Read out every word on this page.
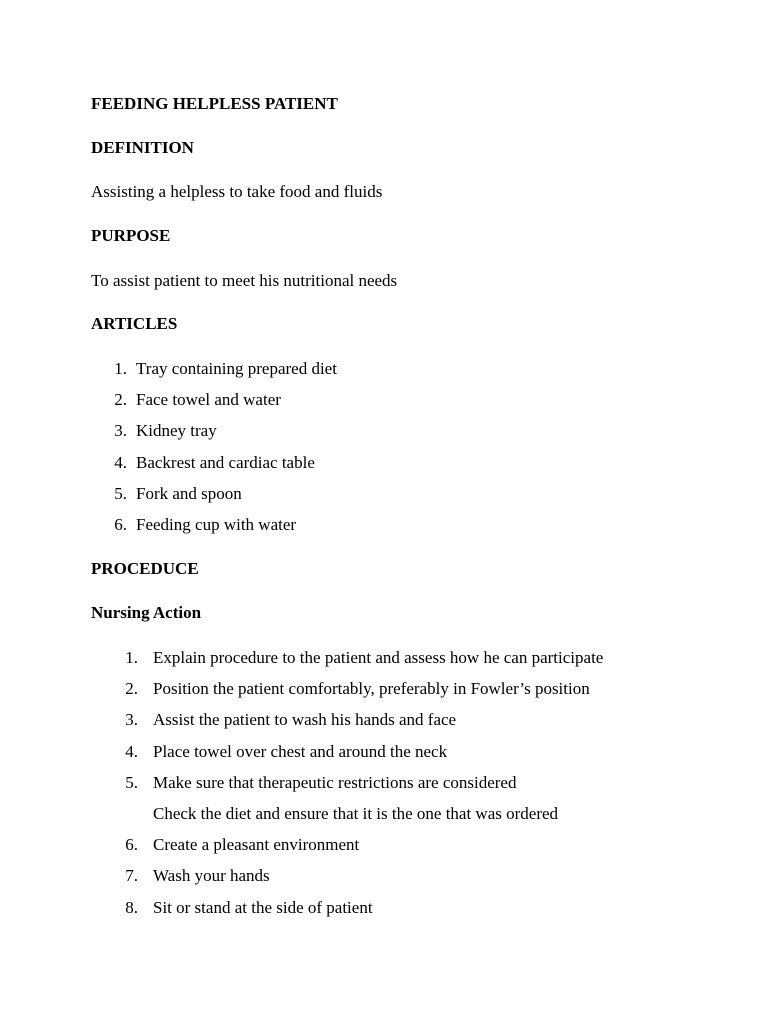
FEEDING HELPLESS PATIENT
DEFINITION
Assisting a helpless to take food and fluids
PURPOSE
To assist patient to meet his nutritional needs
ARTICLES
1. Tray containing prepared diet
2. Face towel and water
3. Kidney tray
4. Backrest and cardiac table
5. Fork and spoon
6. Feeding cup with water
PROCEDUCE
Nursing Action
1. Explain procedure to the patient and assess how he can participate
2. Position the patient comfortably, preferably in Fowler’s position
3. Assist the patient to wash his hands and face
4. Place towel over chest and around the neck
5. Make sure that therapeutic restrictions are considered
Check the diet and ensure that it is the one that was ordered
6. Create a pleasant environment
7. Wash your hands
8. Sit or stand at the side of patient
